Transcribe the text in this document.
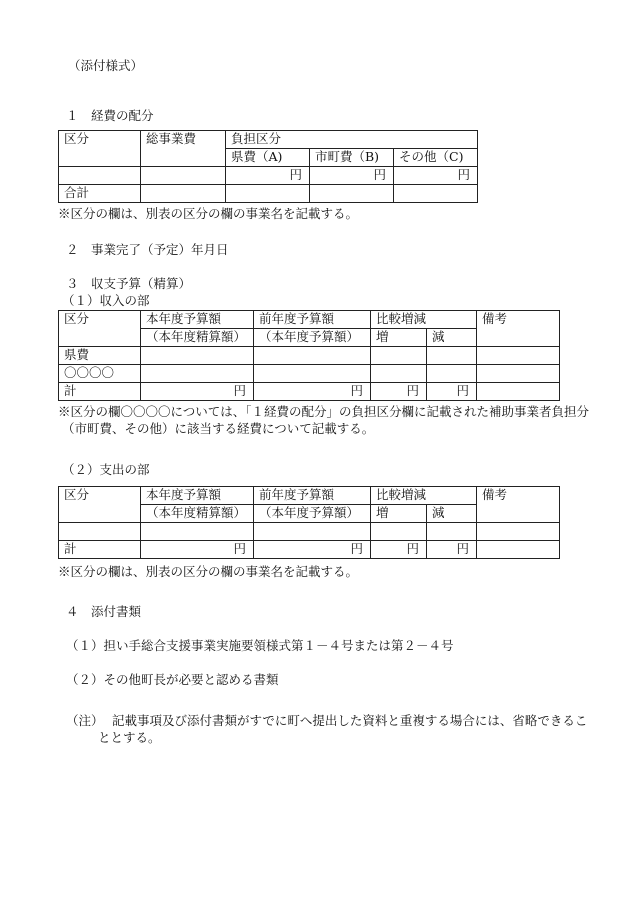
（添付様式）
１　経費の配分
区分	総事業費	負担区分		
		県費（A)	市町費（B)	その他（C)
		円	円	円
合計				
※区分の欄は、別表の区分の欄の事業名を記載する。
２　事業完了（予定）年月日
３　収支予算（精算）
（１）収入の部
区分	本年度予算額	前年度予算額	比較増減		備考
	（本年度精算額）	（本年度予算額）	増	減	
県費					
〇〇〇〇					
計	円	円	円	円	
※区分の欄〇〇〇〇については、「１経費の配分」の負担区分欄に記載された補助事業者負担分
（市町費、その他）に該当する経費について記載する。
（２）支出の部
区分	本年度予算額	前年度予算額	比較増減		備考
	（本年度精算額）	（本年度予算額）	増	減	

計	円	円	円	円	
※区分の欄は、別表の区分の欄の事業名を記載する。
４　添付書類
（１）担い手総合支援事業実施要領様式第１－４号または第２－４号
（２）その他町長が必要と認める書類
（注） 記載事項及び添付書類がすでに町へ提出した資料と重複する場合には、省略できるこ
ととする。
